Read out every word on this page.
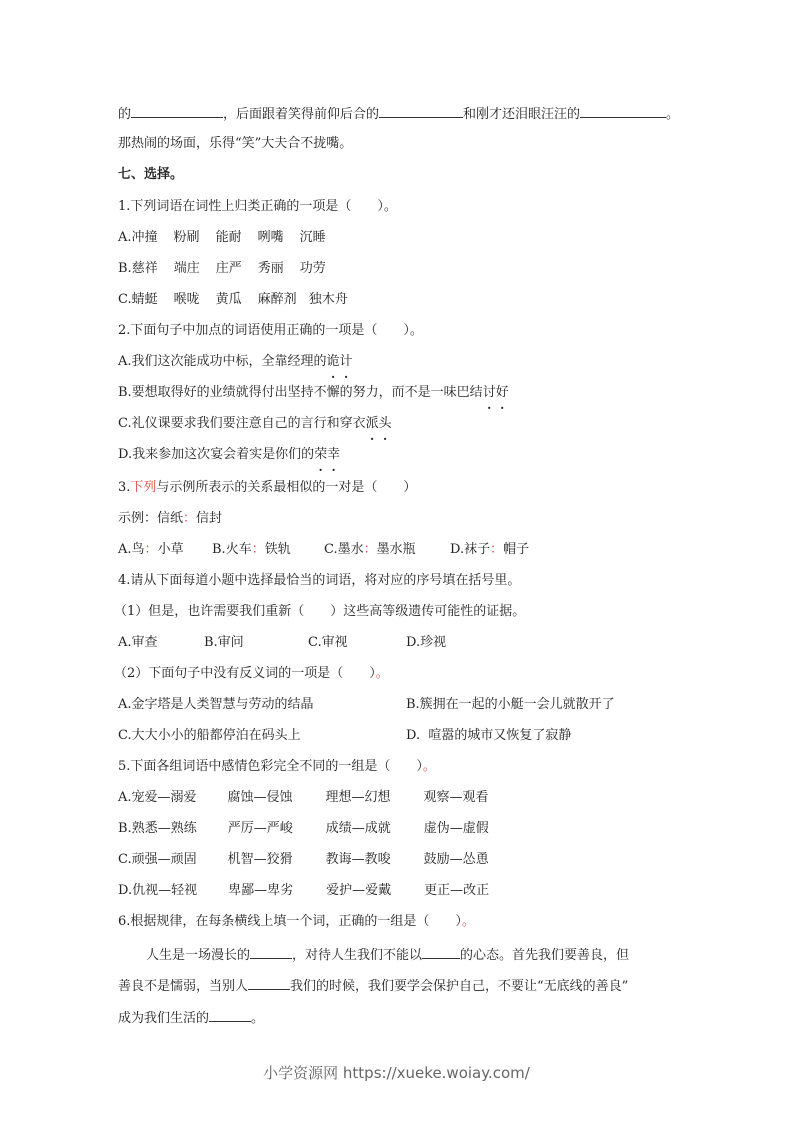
的	，后面跟着笑得前仰后合的	和刚才还泪眼汪汪的	。
那热闹的场面，乐得“笑”大夫合不拢嘴。
七、选择。
1.下列词语在词性上归类正确的一项是（　　）。
A.冲撞 粉刷 能耐 咧嘴 沉睡
B.慈祥 端庄 庄严 秀丽 功劳
C.蜻蜓 喉咙 黄瓜 麻醉剂 独木舟
2.下面句子中加点的词语使用正确的一项是（　　）。
A.我们这次能成功中标，全靠经理的诡计
B.要想取得好的业绩就得付出坚持不懈的努力，而不是一味巴结讨好
C.礼仪课要求我们要注意自己的言行和穿衣派头
D.我来参加这次宴会着实是你们的荣幸
3.下列与示例所表示的关系最相似的一对是（　　）
示例：信纸：信封
A.鸟：小草 B.火车：铁轨	C.墨水：墨水瓶	D.袜子：帽子
4.请从下面每道小题中选择最恰当的词语，将对应的序号填在括号里。
（1）但是，也许需要我们重新（　　）这些高等级遗传可能性的证据。
A.审查	B.审问	C.审视	D.珍视
（2）下面句子中没有反义词的一项是（　　）。
A.金字塔是人类智慧与劳动的结晶	B.簇拥在一起的小艇一会儿就散开了
C.大大小小的船都停泊在码头上	D.  喧嚣的城市又恢复了寂静
5.下面各组词语中感情色彩完全不同的一组是（　　）。
A.宠爱—溺爱 腐蚀—侵蚀	理想—幻想	观察—观看
B.熟悉—熟练 严厉—严峻	成绩—成就	虚伪—虚假
C.顽强—顽固 机智—狡猾	教诲—教唆	鼓励—怂恿
D.仇视—轻视 卑鄙—卑劣	爱护—爱戴	更正—改正
6.根据规律，在每条横线上填一个词，正确的一组是（　　）。
人生是一场漫长的	，对待人生我们不能以	的心态。首先我们要善良，但
善良不是懦弱，当别人	我们的时候，我们要学会保护自己，不要让“无底线的善良”
成为我们生活的	。
小学资源网 https://xueke.woiay.com/
